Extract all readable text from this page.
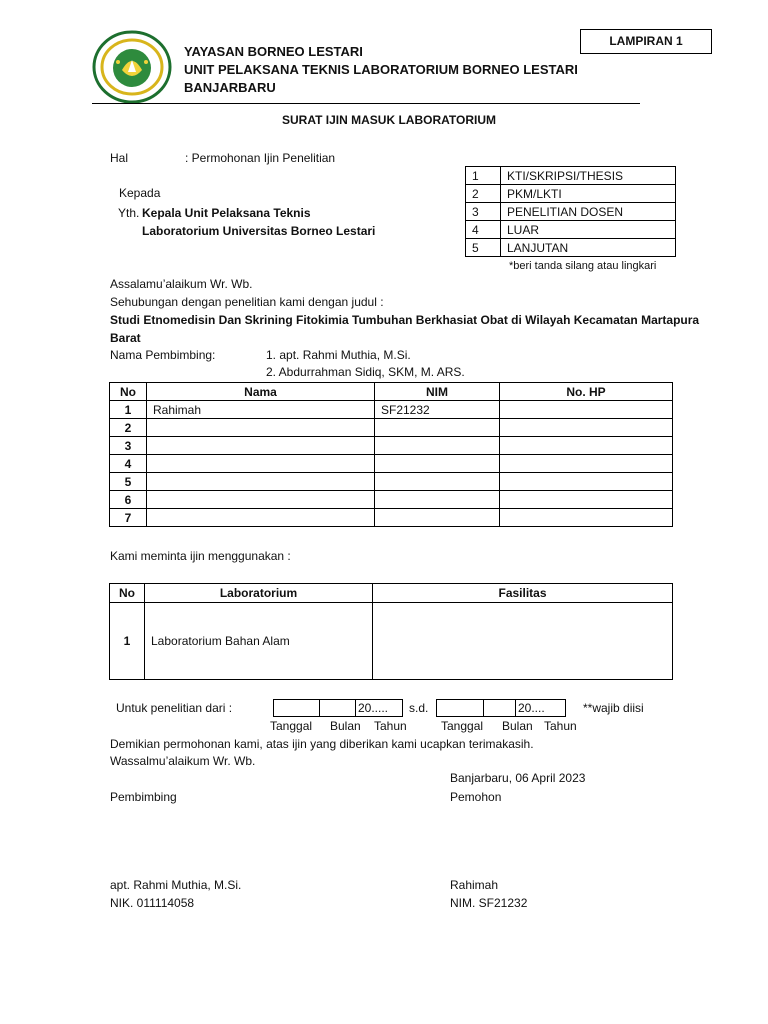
YAYASAN BORNEO LESTARI
UNIT PELAKSANA TEKNIS LABORATORIUM BORNEO LESTARI
BANJARBARU
LAMPIRAN 1
SURAT IJIN MASUK LABORATORIUM
Hal	: Permohonan Ijin Penelitian
Kepada
Yth. Kepala Unit Pelaksana Teknis
Laboratorium Universitas Borneo Lestari
1	KTI/SKRIPSI/THESIS
2	PKM/LKTI
3	PENELITIAN DOSEN
4	LUAR
5	LANJUTAN
*beri tanda silang atau lingkari
Assalamu’alaikum Wr. Wb.
Sehubungan dengan penelitian kami dengan judul :
Studi Etnomedisin Dan Skrining Fitokimia Tumbuhan Berkhasiat Obat di Wilayah Kecamatan Martapura
Barat
Nama Pembimbing:	1. apt. Rahmi Muthia, M.Si.
2. Abdurrahman Sidiq, SKM, M. ARS.
No	Nama	NIM	No. HP
1	Rahimah	SF21232	
2			
3			
4			
5			
6			
7			
Kami meminta ijin menggunakan :
No	Laboratorium	Fasilitas
1	Laboratorium Bahan Alam	
Untuk penelitian dari :	20.....	s.d.	20....	**wajib diisi
Tanggal Bulan Tahun	Tanggal Bulan Tahun
Demikian permohonan kami, atas ijin yang diberikan kami ucapkan terimakasih.
Wassalmu’alaikum Wr. Wb.
Banjarbaru, 06 April 2023
Pembimbing	Pemohon
apt. Rahmi Muthia, M.Si.
NIK. 011114058
Rahimah
NIM. SF21232
